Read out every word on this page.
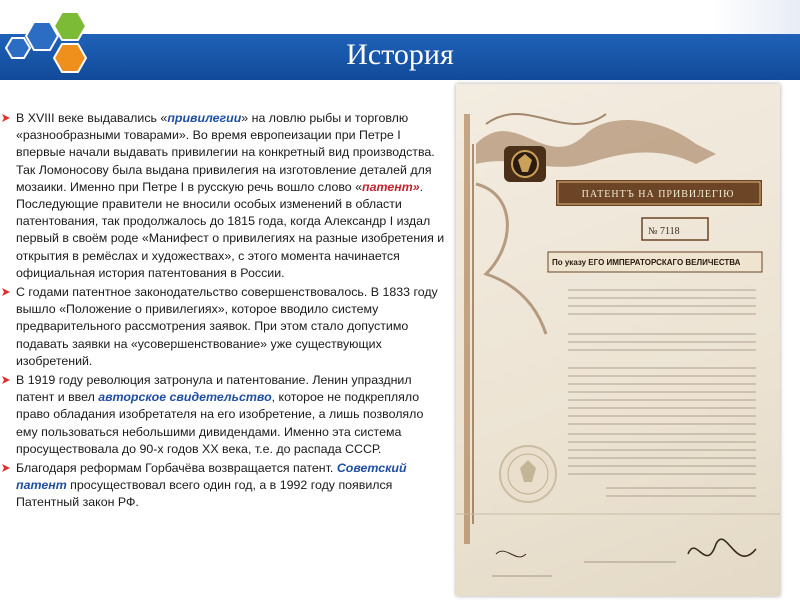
История
В XVIII веке выдавались «привилегии» на ловлю рыбы и торговлю «разнообразными товарами». Во время европеизации при Петре I впервые начали выдавать привилегии на конкретный вид производства. Так Ломоносову была выдана привилегия на изготовление деталей для мозаики. Именно при Петре I в русскую речь вошло слово «патент». Последующие правители не вносили особых изменений в области патентования, так продолжалось до 1815 года, когда Александр I издал первый в своём роде «Манифест о привилегиях на разные изобретения и открытия в ремёслах и художествах», с этого момента начинается официальная история патентования в России.
С годами патентное законодательство совершенствовалось. В 1833 году вышло «Положение о привилегиях», которое вводило систему предварительного рассмотрения заявок. При этом стало допустимо подавать заявки на «усовершенствование» уже существующих изобретений.
В 1919 году революция затронула и патентование. Ленин упразднил патент и ввел авторское свидетельство, которое не подкрепляло право обладания изобретателя на его изобретение, а лишь позволяло ему пользоваться небольшими дивидендами. Именно эта система просуществовала до 90-х годов XX века, т.е. до распада СССР.
Благодаря реформам Горбачёва возвращается патент. Советский патент просуществовал всего один год, а в 1992 году появился Патентный закон РФ.
ПАТЕНТЪ НА ПРИВИЛЕГІЮ
№ 7118
По указу ЕГО ИМПЕРАТОРСКАГО ВЕЛИЧЕСТВА
